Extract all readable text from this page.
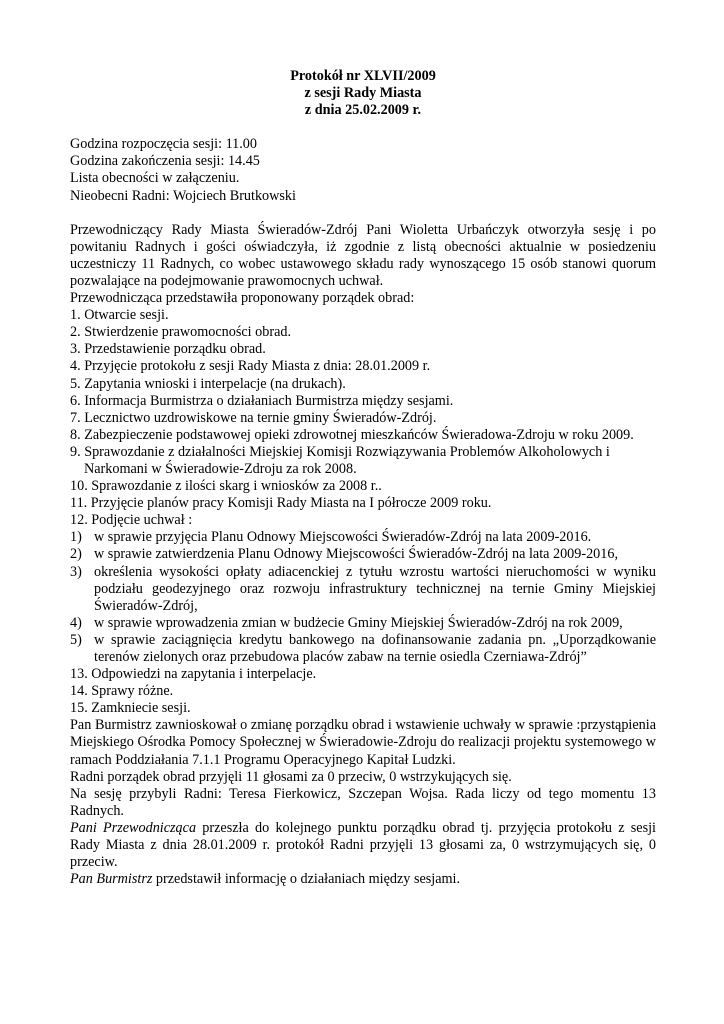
Protokół nr XLVII/2009
z sesji Rady Miasta
z dnia 25.02.2009 r.
Godzina rozpoczęcia sesji: 11.00
Godzina zakończenia sesji: 14.45
Lista obecności w załączeniu.
Nieobecni Radni: Wojciech Brutkowski

Przewodniczący Rady Miasta Świeradów-Zdrój Pani Wioletta Urbańczyk otworzyła sesję i po powitaniu Radnych i gości oświadczyła, iż zgodnie z listą obecności aktualnie w posiedzeniu uczestniczy 11 Radnych, co wobec ustawowego składu rady wynoszącego 15 osób stanowi quorum pozwalające na podejmowanie prawomocnych uchwał.

Przewodnicząca przedstawiła proponowany porządek obrad:

1. Otwarcie sesji.
2. Stwierdzenie prawomocności obrad.
3. Przedstawienie porządku obrad.
4. Przyjęcie protokołu z sesji Rady Miasta z dnia: 28.01.2009 r.
5. Zapytania wnioski i interpelacje (na drukach).
6. Informacja Burmistrza o działaniach Burmistrza między sesjami.
7. Lecznictwo uzdrowiskowe na ternie gminy Świeradów-Zdrój.
8. Zabezpieczenie podstawowej opieki zdrowotnej mieszkańców Świeradowa-Zdroju w roku 2009.
9. Sprawozdanie z działalności Miejskiej Komisji Rozwiązywania Problemów Alkoholowych i
Narkomani w Świeradowie-Zdroju za rok 2008.
10. Sprawozdanie z ilości skarg i wniosków za 2008 r..
11. Przyjęcie planów pracy Komisji Rady Miasta na I półrocze 2009 roku.
12. Podjęcie uchwał :
1) w sprawie przyjęcia Planu Odnowy Miejscowości Świeradów-Zdrój na lata 2009-2016.
2) w sprawie zatwierdzenia Planu Odnowy Miejscowości Świeradów-Zdrój na lata 2009-2016,
3) określenia wysokości opłaty adiacenckiej z tytułu wzrostu wartości nieruchomości w wyniku podziału geodezyjnego oraz rozwoju infrastruktury technicznej na ternie Gminy Miejskiej Świeradów-Zdrój,
4) w sprawie wprowadzenia zmian w budżecie Gminy Miejskiej Świeradów-Zdrój na rok 2009,
5) w sprawie zaciągnięcia kredytu bankowego na dofinansowanie zadania pn. „Uporządkowanie terenów zielonych oraz przebudowa placów zabaw na ternie osiedla Czerniawa-Zdrój”
13. Odpowiedzi na zapytania i interpelacje.
14. Sprawy różne.
15. Zamkniecie sesji.

Pan Burmistrz zawnioskował o zmianę porządku obrad i wstawienie uchwały w sprawie :przystąpienia Miejskiego Ośrodka Pomocy Społecznej w Świeradowie-Zdroju do realizacji projektu systemowego w ramach Poddziałania 7.1.1 Programu Operacyjnego Kapitał Ludzki.

Radni porządek obrad przyjęli 11 głosami za 0 przeciw, 0 wstrzykujących się.

Na sesję przybyli Radni: Teresa Fierkowicz, Szczepan Wojsa. Rada liczy od tego momentu 13 Radnych.

Pani Przewodnicząca przeszła do kolejnego punktu porządku obrad tj. przyjęcia protokołu z sesji Rady Miasta z dnia 28.01.2009 r. protokół Radni przyjęli 13 głosami za, 0 wstrzymujących się, 0 przeciw.

Pan Burmistrz przedstawił informację o działaniach między sesjami.
